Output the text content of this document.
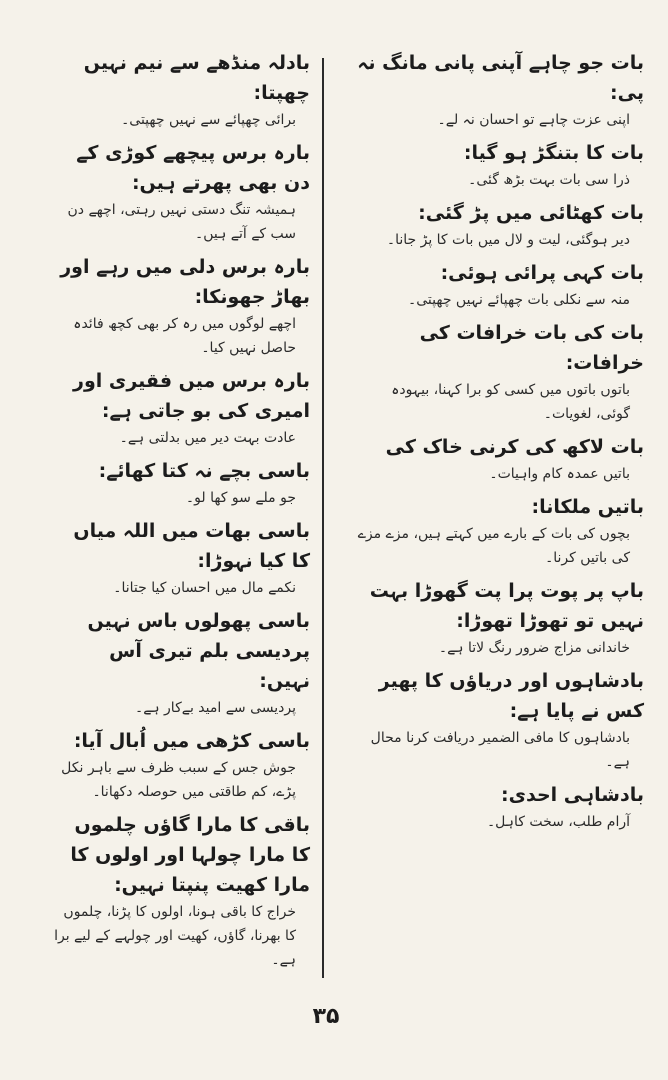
بات جو چاہے آپنی پانی مانگ نہ پی:

اپنی عزت چاہے تو احسان نہ لے۔

بات کا بتنگڑ ہو گیا:

ذرا سی بات بہت بڑھ گئی۔

بات کھٹائی میں پڑ گئی:

دیر ہوگئی، لیت و لال میں بات کا پڑ جانا۔

بات کہی پرائی ہوئی:

منہ سے نکلی بات چھپائے نہیں چھپتی۔

بات کی بات خرافات کی خرافات:

باتوں باتوں میں کسی کو برا کہنا، بیہودہ گوئی، لغویات۔

بات لاکھ کی کرنی خاک کی

باتیں عمدہ کام واہیات۔

باتیں ملکانا:

بچوں کی بات کے بارے میں کہتے ہیں، مزے مزے کی باتیں کرنا۔

باپ پر پوت پرا پت گھوڑا بہت نہیں تو تھوڑا تھوڑا:

خاندانی مزاج ضرور رنگ لاتا ہے۔

بادشاہوں اور دریاؤں کا پھیر کس نے پایا ہے:

بادشاہوں کا مافی الضمیر دریافت کرنا محال ہے۔

بادشاہی احدی:

آرام طلب، سخت کاہل۔

بادلہ منڈھے سے نیم نہیں چھپتا:

برائی چھپائے سے نہیں چھپتی۔

بارہ برس پیچھے کوڑی کے دن بھی پھرتے ہیں:

ہمیشہ تنگ دستی نہیں رہتی، اچھے دن سب کے آتے ہیں۔

بارہ برس دلی میں رہے اور بھاڑ جھونکا:

اچھے لوگوں میں رہ کر بھی کچھ فائدہ حاصل نہیں کیا۔

بارہ برس میں فقیری اور امیری کی بو جاتی ہے:

عادت بہت دیر میں بدلتی ہے۔

باسی بچے نہ کتا کھائے:

جو ملے سو کھا لو۔

باسی بھات میں اللہ میاں کا کیا نہوڑا:

نکمے مال میں احسان کیا جتانا۔

باسی پھولوں باس نہیں پردیسی بلم تیری آس نہیں:

پردیسی سے امید بےکار ہے۔

باسی کڑھی میں اُبال آیا:

جوش جس کے سبب ظرف سے باہر نکل پڑے، کم طاقتی میں حوصلہ دکھانا۔

باقی کا مارا گاؤں چلموں کا مارا چولہا اور اولوں کا مارا کھیت پنپتا نہیں:

خراج کا باقی ہونا، اولوں کا پڑنا، چلموں کا بھرنا، گاؤں، کھیت اور چولہے کے لیے برا ہے۔

۳۵
